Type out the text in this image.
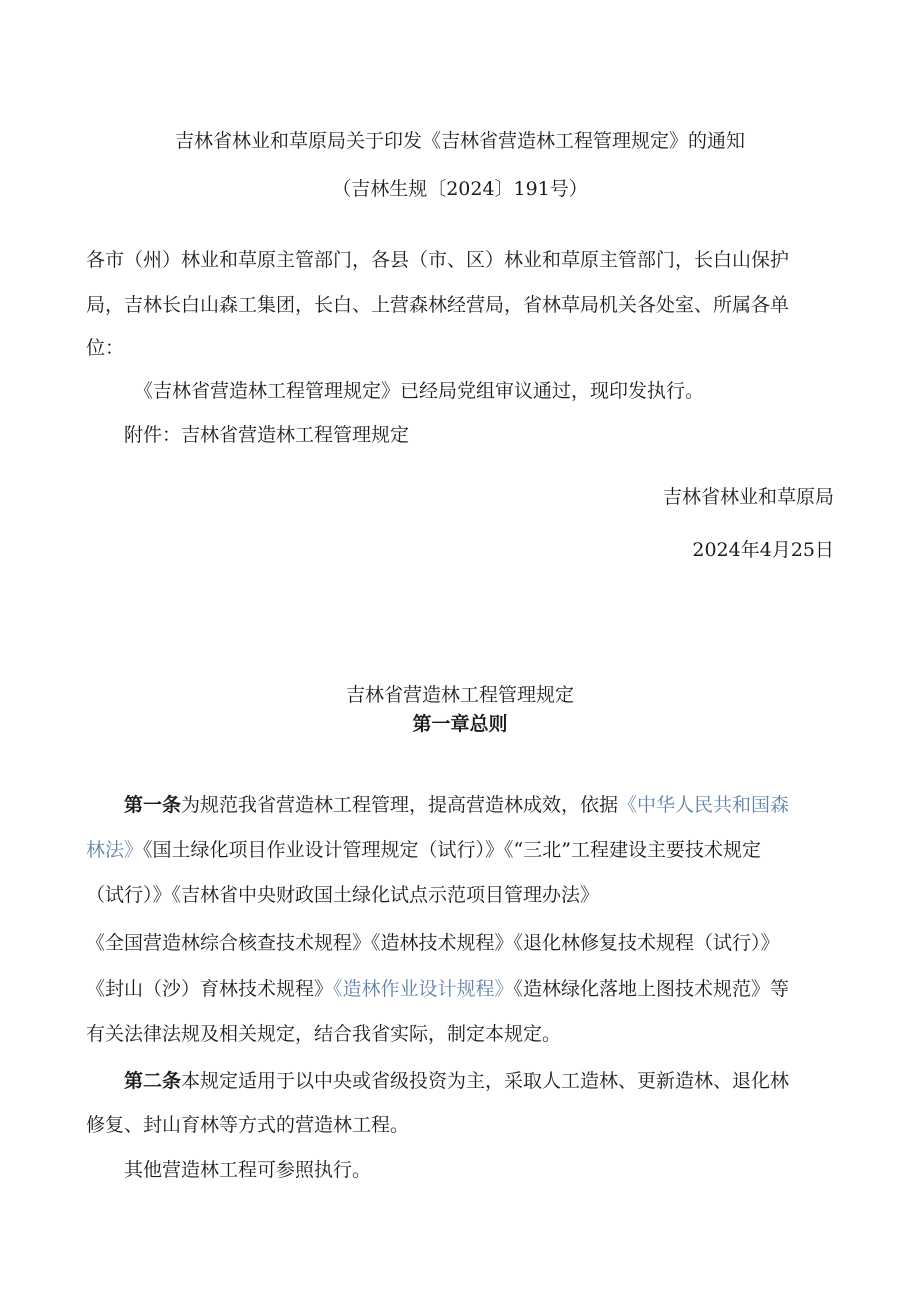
吉林省林业和草原局关于印发《吉林省营造林工程管理规定》的通知
（吉林生规〔2024〕191号）
各市（州）林业和草原主管部门，各县（市、区）林业和草原主管部门，长白山保护
局，吉林长白山森工集团，长白、上营森林经营局，省林草局机关各处室、所属各单
位：
《吉林省营造林工程管理规定》已经局党组审议通过，现印发执行。
附件：吉林省营造林工程管理规定
吉林省林业和草原局
2024年4月25日
吉林省营造林工程管理规定
第一章总则
第一条为规范我省营造林工程管理，提高营造林成效，依据《中华人民共和国森
林法》《国土绿化项目作业设计管理规定（试行）》《“三北”工程建设主要技术规定
（试行）》《吉林省中央财政国土绿化试点示范项目管理办法》
《全国营造林综合核查技术规程》《造林技术规程》《退化林修复技术规程（试行）》
《封山（沙）育林技术规程》《造林作业设计规程》《造林绿化落地上图技术规范》等
有关法律法规及相关规定，结合我省实际，制定本规定。
第二条本规定适用于以中央或省级投资为主，采取人工造林、更新造林、退化林
修复、封山育林等方式的营造林工程。
其他营造林工程可参照执行。
